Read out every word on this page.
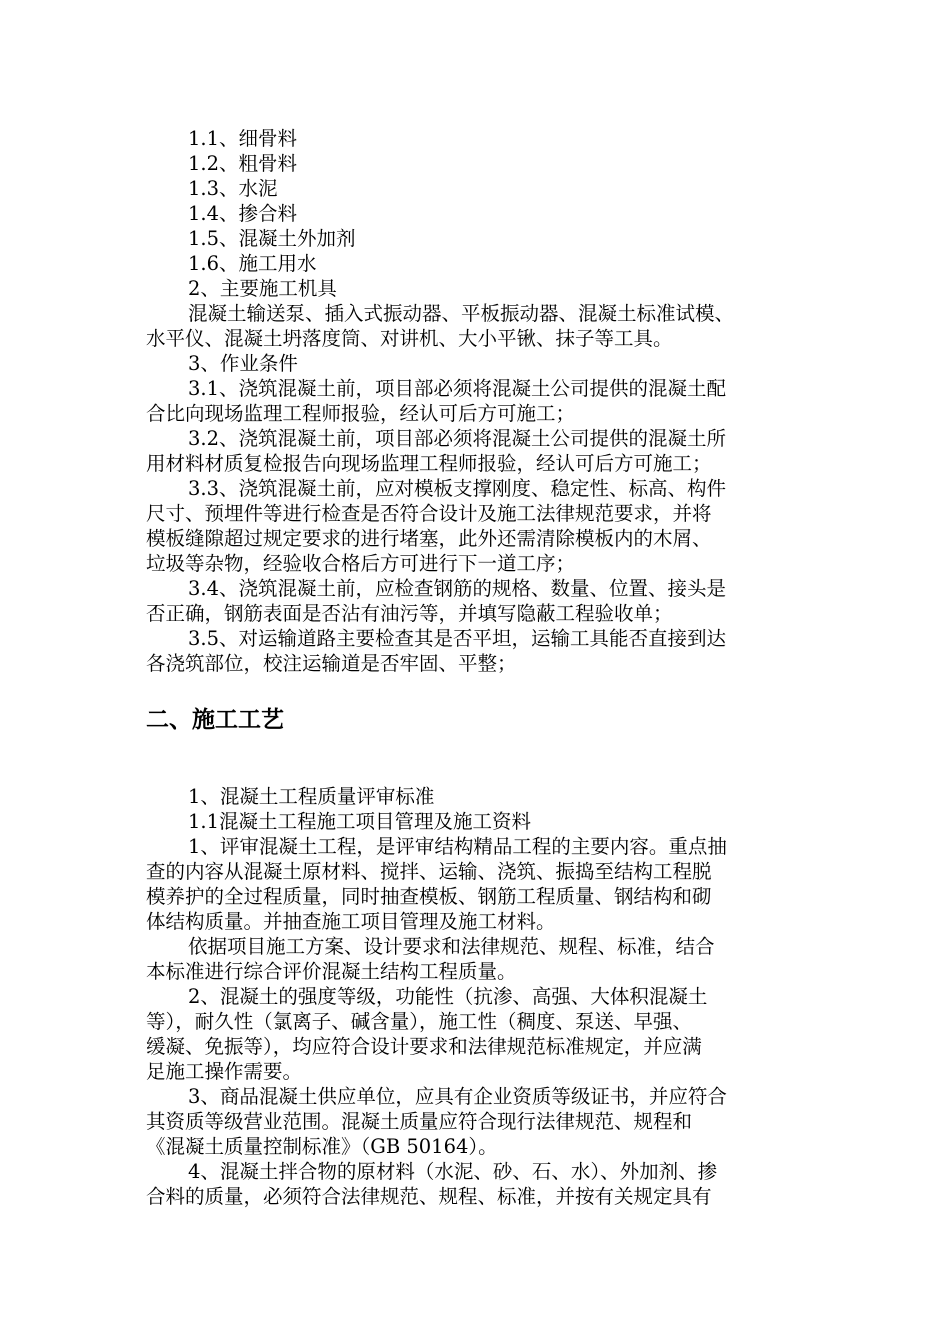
1.1、细骨料
1.2、粗骨料
1.3、水泥
1.4、掺合料
1.5、混凝土外加剂
1.6、施工用水
2、主要施工机具
混凝土输送泵、插入式振动器、平板振动器、混凝土标准试模、
水平仪、混凝土坍落度筒、对讲机、大小平锹、抹子等工具。
3、作业条件
3.1、浇筑混凝土前，项目部必须将混凝土公司提供的混凝土配
合比向现场监理工程师报验，经认可后方可施工；
3.2、浇筑混凝土前，项目部必须将混凝土公司提供的混凝土所
用材料材质复检报告向现场监理工程师报验，经认可后方可施工；
3.3、浇筑混凝土前，应对模板支撑刚度、稳定性、标高、构件
尺寸、预埋件等进行检查是否符合设计及施工法律规范要求，并将
模板缝隙超过规定要求的进行堵塞，此外还需清除模板内的木屑、
垃圾等杂物，经验收合格后方可进行下一道工序；
3.4、浇筑混凝土前，应检查钢筋的规格、数量、位置、接头是
否正确，钢筋表面是否沾有油污等，并填写隐蔽工程验收单；
3.5、对运输道路主要检查其是否平坦，运输工具能否直接到达
各浇筑部位，校注运输道是否牢固、平整；
二、施工工艺
1、混凝土工程质量评审标准
1.1混凝土工程施工项目管理及施工资料
1、评审混凝土工程，是评审结构精品工程的主要内容。重点抽
查的内容从混凝土原材料、搅拌、运输、浇筑、振捣至结构工程脱
模养护的全过程质量，同时抽查模板、钢筋工程质量、钢结构和砌
体结构质量。并抽查施工项目管理及施工材料。
依据项目施工方案、设计要求和法律规范、规程、标准，结合
本标准进行综合评价混凝土结构工程质量。
2、混凝土的强度等级，功能性（抗渗、高强、大体积混凝土
等），耐久性（氯离子、碱含量），施工性（稠度、泵送、早强、
缓凝、免振等），均应符合设计要求和法律规范标准规定，并应满
足施工操作需要。
3、商品混凝土供应单位，应具有企业资质等级证书，并应符合
其资质等级营业范围。混凝土质量应符合现行法律规范、规程和
《混凝土质量控制标准》（GB 50164）。
4、混凝土拌合物的原材料（水泥、砂、石、水）、外加剂、掺
合料的质量，必须符合法律规范、规程、标准，并按有关规定具有
